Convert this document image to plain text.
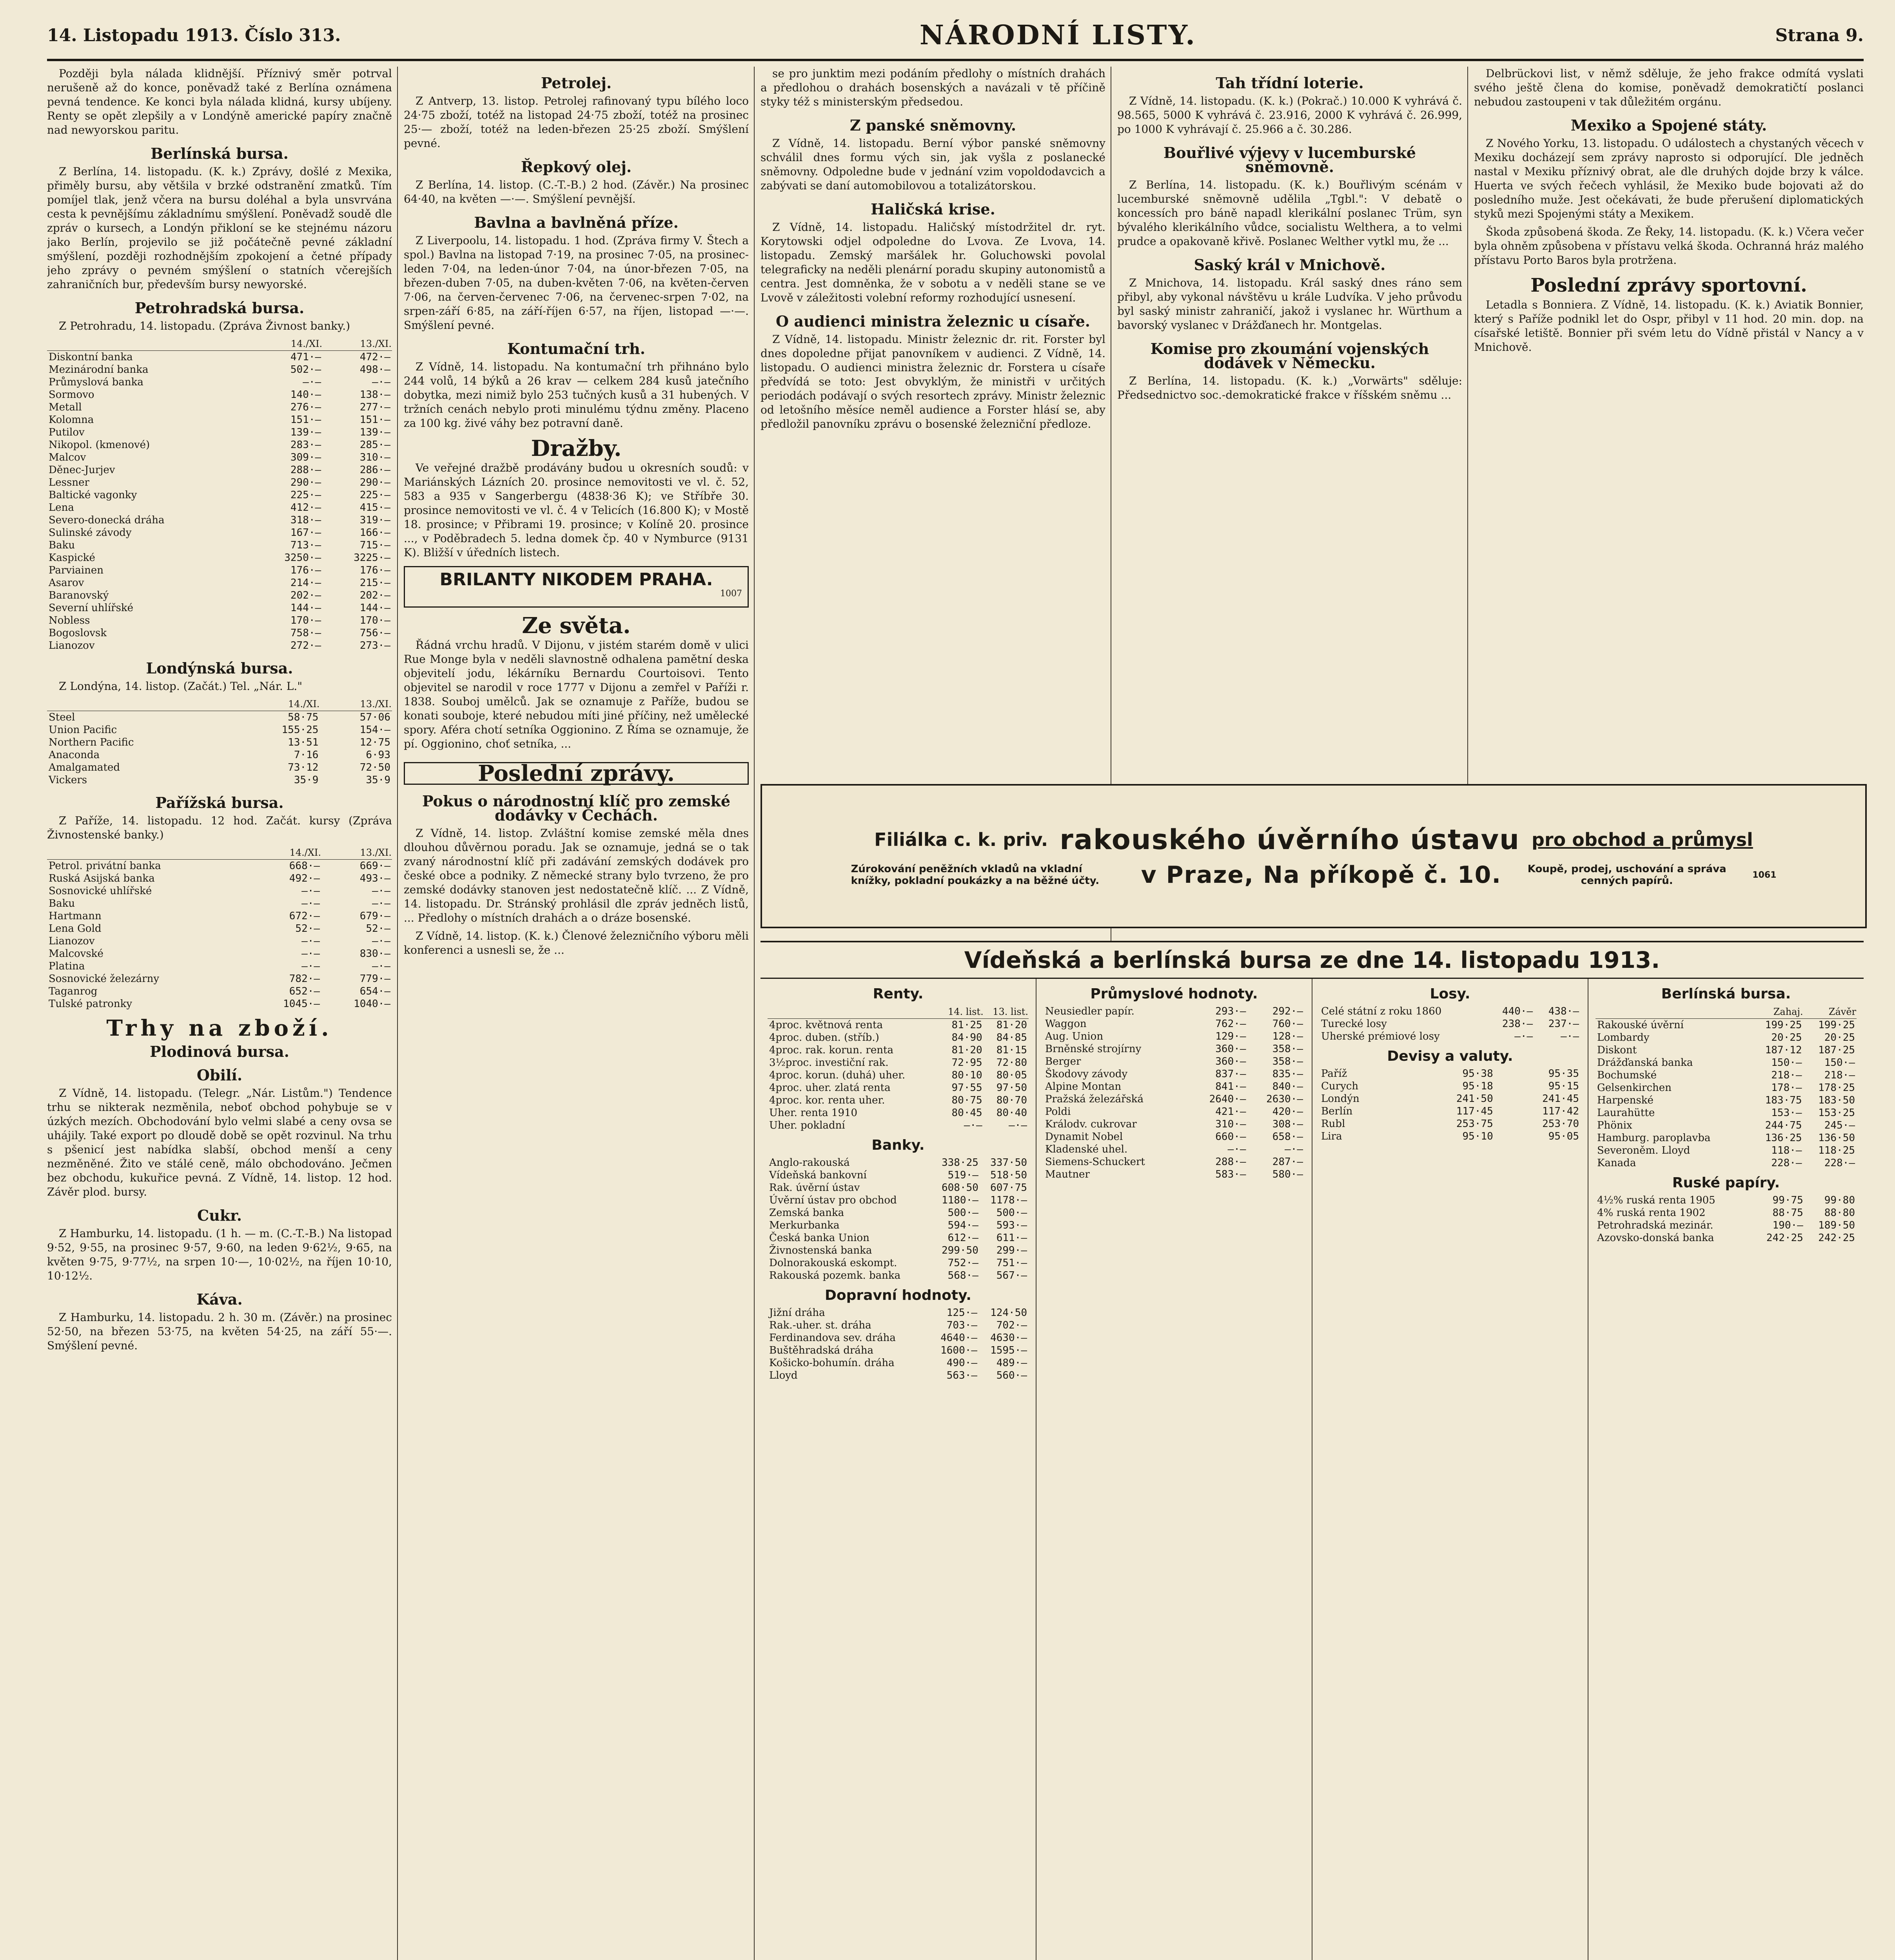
14. Listopadu 1913. Číslo 313.	NÁRODNÍ LISTY.	Strana 9.

Později byla nálada klidnější. Příznivý směr potrval nerušeně až do konce, poněvadž také z Berlína oznámena pevná tendence. Ke konci byla nálada klidná, kursy ubíjeny. Renty se opět zlepšily a v Londýně americké papíry značně nad newyorskou paritu.

Berlínská bursa.

Z Berlína, 14. listopadu. (K. k.) Zprávy, došlé z Mexika, přiměly bursu, aby většila v brzké odstranění zmatků. Tím pomíjel tlak, jenž včera na bursu doléhal a byla unsvrvána cesta k pevnějšímu základnímu smýšlení. Poněvadž soudě dle zpráv o kursech, a Londýn přikloní se ke stejnému názoru jako Berlín, projevilo se již počátečně pevné základní smýšlení, později rozhodnějším zpokojení a četné případy jeho zprávy o pevném smýšlení o statních včerejších zahraničních bur, především bursy newyorské.

Petrohradská bursa.

Z Petrohradu, 14. listopadu. (Zpráva Živnost banky.)

	14./XI.	13./XI.
Diskontní banka	471·—	472·—
Mezinárodní banka	502·—	498·—
Průmyslová banka	—·—	—·—
Sormovo	140·—	138·—
Metall	276·—	277·—
Kolomna	151·—	151·—
Putilov	139·—	139·—
Nikopol. (kmenové)	283·—	285·—
Malcov	309·—	310·—
Děnec-Jurjev	288·—	286·—
Lessner	290·—	290·—
Baltické vagonky	225·—	225·—
Lena	412·—	415·—
Severo-donecká dráha	318·—	319·—
Sulinské závody	167·—	166·—
Baku	713·—	715·—
Kaspické	3250·—	3225·—
Parviainen	176·—	176·—
Asarov	214·—	215·—
Baranovský	202·—	202·—
Severní uhlířské	144·—	144·—
Nobless	170·—	170·—
Bogoslovsk	758·—	756·—
Lianozov	272·—	273·—
Londýnská bursa.

Z Londýna, 14. listop. (Začát.) Tel. „Nár. L."

	14./XI.	13./XI.
Steel	58·75	57·06
Union Pacific	155·25	154·—
Northern Pacific	13·51	12·75
Anaconda	7·16	6·93
Amalgamated	73·12	72·50
Vickers	35·9	35·9
Pařížská bursa.

Z Paříže, 14. listopadu. 12 hod. Začát. kursy (Zpráva Živnostenské banky.)

	14./XI.	13./XI.
Petrol. privátní banka	668·—	669·—
Ruská Asijská banka	492·—	493·—
Sosnovické uhlířské	—·—	—·—
Baku	—·—	—·—
Hartmann	672·—	679·—
Lena Gold	52·—	52·—
Lianozov	—·—	—·—
Malcovské	—·—	830·—
Platina	—·—	—·—
Sosnovické železárny	782·—	779·—
Taganrog	652·—	654·—
Tulské patronky	1045·—	1040·—
Trhy na zboží.
Plodinová bursa.
Obilí.

Z Vídně, 14. listopadu. (Telegr. „Nár. Listům.") Tendence trhu se nikterak nezměnila, neboť obchod pohybuje se v úzkých mezích. Obchodování bylo velmi slabé a ceny ovsa se uhájily. Také export po dloudě době se opět rozvinul. Na trhu s pšenicí jest nabídka slabší, obchod menší a ceny nezměněné. Žito ve stálé ceně, málo obchodováno. Ječmen bez obchodu, kukuřice pevná. Z Vídně, 14. listop. 12 hod. Závěr plod. bursy.

Cukr.

Z Hamburku, 14. listopadu. (1 h. — m. (C.-T.-B.) Na listopad 9·52, 9·55, na prosinec 9·57, 9·60, na leden 9·62½, 9·65, na květen 9·75, 9·77½, na srpen 10·—, 10·02½, na říjen 10·10, 10·12½.

Káva.

Z Hamburku, 14. listopadu. 2 h. 30 m. (Závěr.) na prosinec 52·50, na březen 53·75, na květen 54·25, na září 55·—. Smýšlení pevné.

Petrolej.

Z Antverp, 13. listop. Petrolej rafinovaný typu bílého loco 24·75 zboží, totéž na listopad 24·75 zboží, totéž na prosinec 25·— zboží, totéž na leden-březen 25·25 zboží. Smýšlení pevné.

Řepkový olej.

Z Berlína, 14. listop. (C.-T.-B.) 2 hod. (Závěr.) Na prosinec 64·40, na květen —·—. Smýšlení pevnější.

Bavlna a bavlněná příze.

Z Liverpoolu, 14. listopadu. 1 hod. (Zpráva firmy V. Štech a spol.) Bavlna na listopad 7·19, na prosinec 7·05, na prosinec-leden 7·04, na leden-únor 7·04, na únor-březen 7·05, na březen-duben 7·05, na duben-květen 7·06, na květen-červen 7·06, na červen-červenec 7·06, na červenec-srpen 7·02, na srpen-září 6·85, na září-říjen 6·57, na říjen, listopad —·—. Smýšlení pevné.

Kontumační trh.

Z Vídně, 14. listopadu. Na kontumační trh přihnáno bylo 244 volů, 14 býků a 26 krav — celkem 284 kusů jatečního dobytka, mezi nimiž bylo 253 tučných kusů a 31 hubených. V tržních cenách nebylo proti minulému týdnu změny. Placeno za 100 kg. živé váhy bez potravní daně.

Dražby.

Ve veřejné dražbě prodávány budou u okresních soudů: v Mariánských Lázních 20. prosince nemovitosti ve vl. č. 52, 583 a 935 v Sangerbergu (4838·36 K); ve Stříbře 30. prosince nemovitosti ve vl. č. 4 v Telicích (16.800 K); v Mostě 18. prosince; v Přibrami 19. prosince; v Kolíně 20. prosince ..., v Poděbradech 5. ledna domek čp. 40 v Nymburce (9131 K). Bližší v úředních listech.

BRILANTY NIKODEM PRAHA.
1007
Ze světa.

Řádná vrchu hradů. V Dijonu, v jistém starém domě v ulici Rue Monge byla v neděli slavnostně odhalena pamětní deska objevitelí jodu, lékárníku Bernardu Courtoisovi. Tento objevitel se narodil v roce 1777 v Dijonu a zemřel v Paříži r. 1838. Souboj umělců. Jak se oznamuje z Paříže, budou se konati souboje, které nebudou míti jiné příčiny, než umělecké spory. Aféra chotí setníka Oggionino. Z Říma se oznamuje, že pí. Oggionino, choť setníka, ...

Poslední zprávy.
Pokus o národnostní klíč pro zemské dodávky v Čechách.

Z Vídně, 14. listop. Zvláštní komise zemské měla dnes dlouhou důvěrnou poradu. Jak se oznamuje, jedná se o tak zvaný národnostní klíč při zadávání zemských dodávek pro české obce a podniky. Z německé strany bylo tvrzeno, že pro zemské dodávky stanoven jest nedostatečně klíč. ... Z Vídně, 14. listopadu. Dr. Stránský prohlásil dle zpráv jedněch listů, ... Předlohy o místních drahách a o dráze bosenské.

Z Vídně, 14. listop. (K. k.) Členové železničního výboru měli konferenci a usnesli se, že ...

se pro junktim mezi podáním předlohy o místních drahách a předlohou o drahách bosenských a navázali v tě příčině styky též s ministerským předsedou.

Z panské sněmovny.

Z Vídně, 14. listopadu. Berní výbor panské sněmovny schválil dnes formu vých sin, jak vyšla z poslanecké sněmovny. Odpoledne bude v jednání vzim vopoldodavcich a zabývati se daní automobilovou a totalizátorskou.

Haličská krise.

Z Vídně, 14. listopadu. Haličský místodržitel dr. ryt. Korytowski odjel odpoledne do Lvova. Ze Lvova, 14. listopadu. Zemský maršálek hr. Goluchowski povolal telegraficky na neděli plenární poradu skupiny autonomistů a centra. Jest domněnka, že v sobotu a v neděli stane se ve Lvově v záležitosti volební reformy rozhodující usnesení.

O audienci ministra železnic u císaře.

Z Vídně, 14. listopadu. Ministr železnic dr. rit. Forster byl dnes dopoledne přijat panovníkem v audienci. Z Vídně, 14. listopadu. O audienci ministra železnic dr. Forstera u císaře předvídá se toto: Jest obvyklým, že ministři v určitých periodách podávají o svých resortech zprávy. Ministr železnic od letošního měsíce neměl audience a Forster hlásí se, aby předložil panovníku zprávu o bosenské železniční předloze.

Tah třídní loterie.

Z Vídně, 14. listopadu. (K. k.) (Pokrač.) 10.000 K vyhrává č. 98.565, 5000 K vyhrává č. 23.916, 2000 K vyhrává č. 26.999, po 1000 K vyhrávají č. 25.966 a č. 30.286.

Bouřlivé výjevy v lucemburské sněmovně.

Z Berlína, 14. listopadu. (K. k.) Bouřlivým scénám v lucemburské sněmovně udělila „Tgbl.": V debatě o koncessích pro báně napadl klerikální poslanec Trüm, syn bývalého klerikálního vůdce, socialistu Welthera, a to velmi prudce a opakovaně křivě. Poslanec Welther vytkl mu, že ...

Saský král v Mnichově.

Z Mnichova, 14. listopadu. Král saský dnes ráno sem přibyl, aby vykonal návštěvu u krále Ludvíka. V jeho průvodu byl saský ministr zahraničí, jakož i vyslanec hr. Würthum a bavorský vyslanec v Drážďanech hr. Montgelas.

Komise pro zkoumání vojenských dodávek v Německu.

Z Berlína, 14. listopadu. (K. k.) „Vorwärts" sděluje: Předsednictvo soc.-demokratické frakce v říšském sněmu ...

Delbrückovi list, v němž sděluje, že jeho frakce odmítá vyslati svého ještě člena do komise, poněvadž demokratičtí poslanci nebudou zastoupeni v tak důležitém orgánu.

Mexiko a Spojené státy.

Z Nového Yorku, 13. listopadu. O událostech a chystaných věcech v Mexiku docházejí sem zprávy naprosto si odporující. Dle jedněch nastal v Mexiku příznivý obrat, ale dle druhých dojde brzy k válce. Huerta ve svých řečech vyhlásil, že Mexiko bude bojovati až do posledního muže. Jest očekávati, že bude přerušení diplomatických styků mezi Spojenými státy a Mexikem.

Škoda způsobená škoda. Ze Řeky, 14. listopadu. (K. k.) Včera večer byla ohněm způsobena v přístavu velká škoda. Ochranná hráz malého přístavu Porto Baros byla protržena.

Poslední zprávy sportovní.

Letadla s Bonniera. Z Vídně, 14. listopadu. (K. k.) Aviatik Bonnier, který s Paříže podnikl let do Ospr, přibyl v 11 hod. 20 min. dop. na císařské letiště. Bonnier při svém letu do Vídně přistál v Nancy a v Mnichově.

Filiálka c. k. priv. rakouského úvěrního ústavu pro obchod a průmysl
Zúrokování peněžních vkladů na vkladní knížky, pokladní poukázky a na běžné účty.	v Praze, Na příkopě č. 10.	Koupě, prodej, uschování a správa cenných papírů.	1061
Vídeňská a berlínská bursa ze dne 14. listopadu 1913.
Renty.
	14. list.	13. list.
4proc. květnová renta	81·25	81·20
4proc. duben. (stříb.)	84·90	84·85
4proc. rak. korun. renta	81·20	81·15
3½proc. investiční rak.	72·95	72·80
4proc. korun. (duhá) uher.	80·10	80·05
4proc. uher. zlatá renta	97·55	97·50
4proc. kor. renta uher.	80·75	80·70
Uher. renta 1910	80·45	80·40
Uher. pokladní	—·—	—·—
Banky.
Anglo-rakouská	338·25	337·50
Vídeňská bankovní	519·—	518·50
Rak. úvěrní ústav	608·50	607·75
Úvěrní ústav pro obchod	1180·—	1178·—
Zemská banka	500·—	500·—
Merkurbanka	594·—	593·—
Česká banka Union	612·—	611·—
Živnostenská banka	299·50	299·—
Dolnorakouská eskompt.	752·—	751·—
Rakouská pozemk. banka	568·—	567·—
Dopravní hodnoty.
Jižní dráha	125·—	124·50
Rak.-uher. st. dráha	703·—	702·—
Ferdinandova sev. dráha	4640·—	4630·—
Buštěhradská dráha	1600·—	1595·—
Košicko-bohumín. dráha	490·—	489·—
Lloyd	563·—	560·—
Průmyslové hodnoty.
Neusiedler papír.	293·—	292·—
Waggon	762·—	760·—
Aug. Union	129·—	128·—
Brněnské strojírny	360·—	358·—
Berger	360·—	358·—
Škodovy závody	837·—	835·—
Alpine Montan	841·—	840·—
Pražská železářská	2640·—	2630·—
Poldi	421·—	420·—
Králodv. cukrovar	310·—	308·—
Dynamit Nobel	660·—	658·—
Kladenské uhel.	—·—	—·—
Siemens-Schuckert	288·—	287·—
Mautner	583·—	580·—
Losy.
Celé státní z roku 1860	440·—	438·—
Turecké losy	238·—	237·—
Uherské prémiové losy	—·—	—·—
Devisy a valuty.
Paříž	95·38	95·35
Curych	95·18	95·15
Londýn	241·50	241·45
Berlín	117·45	117·42
Rubl	253·75	253·70
Lira	95·10	95·05
Berlínská bursa.
	Zahaj.	Závěr
Rakouské úvěrní	199·25	199·25
Lombardy	20·25	20·25
Diskont	187·12	187·25
Drážďanská banka	150·—	150·—
Bochumské	218·—	218·—
Gelsenkirchen	178·—	178·25
Harpenské	183·75	183·50
Laurahütte	153·—	153·25
Phönix	244·75	245·—
Hamburg. paroplavba	136·25	136·50
Severoněm. Lloyd	118·—	118·25
Kanada	228·—	228·—
Ruské papíry.
4½% ruská renta 1905	99·75	99·80
4% ruská renta 1902	88·75	88·80
Petrohradská mezinár.	190·—	189·50
Azovsko-donská banka	242·25	242·25
